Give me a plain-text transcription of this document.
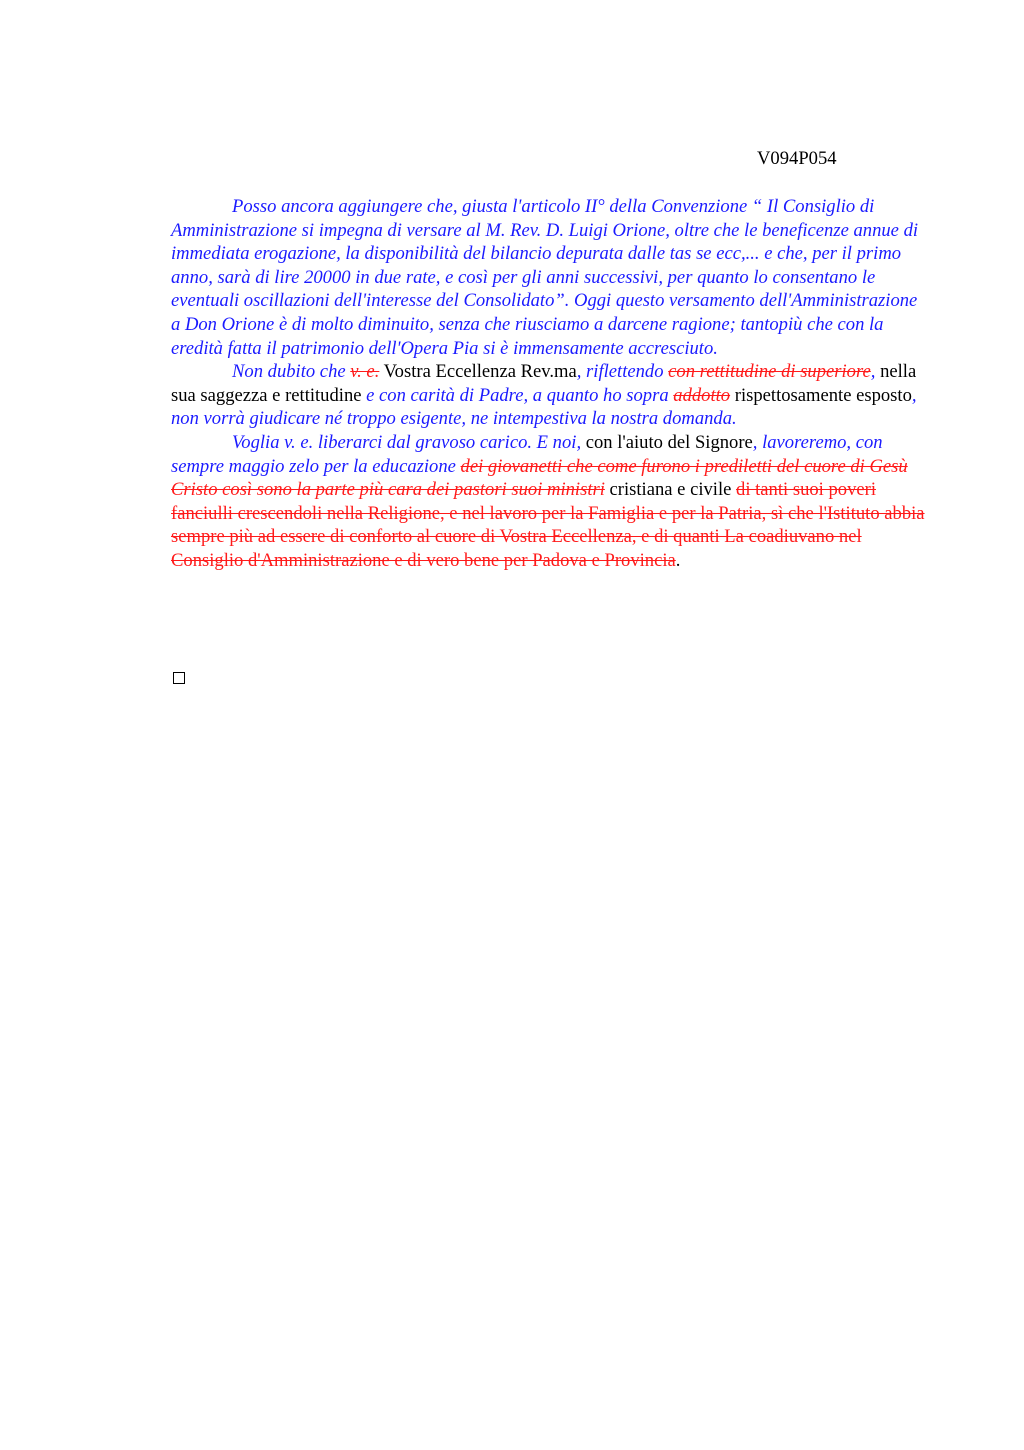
V094P054

Posso ancora aggiungere che, giusta l'articolo II° della Convenzione “ Il Consiglio di Amministrazione si impegna di versare al M. Rev. D. Luigi Orione, oltre che le beneficenze annue di immediata erogazione, la disponibilità del bilancio depurata dalle tas se ecc,... e che, per il primo anno, sarà di lire 20000 in due rate, e così per gli anni successivi, per quanto lo consentano le eventuali oscillazioni dell'interesse del Consolidato”. Oggi questo versamento dell'Amministrazione a Don Orione è di molto diminuito, senza che riusciamo a darcene ragione; tantopiù che con la eredità fatta il patrimonio dell'Opera Pia si è immensamente accresciuto.

Non dubito che v. e. Vostra Eccellenza Rev.ma, riflettendo con rettitudine di superiore, nella sua saggezza e rettitudine e con carità di Padre, a quanto ho sopra addotto rispettosamente esposto, non vorrà giudicare né troppo esigente, ne intempestiva la nostra domanda.

Voglia v. e. liberarci dal gravoso carico. E noi, con l'aiuto del Signore, lavoreremo, con sempre maggio zelo per la educazione dei giovanetti che come furono i prediletti del cuore di Gesù Cristo così sono la parte più cara dei pastori suoi ministri cristiana e civile di tanti suoi poveri fanciulli crescendoli nella Religione, e nel lavoro per la Famiglia e per la Patria, sì che l'Istituto abbia sempre più ad essere di conforto al cuore di Vostra Eccellenza, e di quanti La coadiuvano nel Consiglio d'Amministrazione e di vero bene per Padova e Provincia.
